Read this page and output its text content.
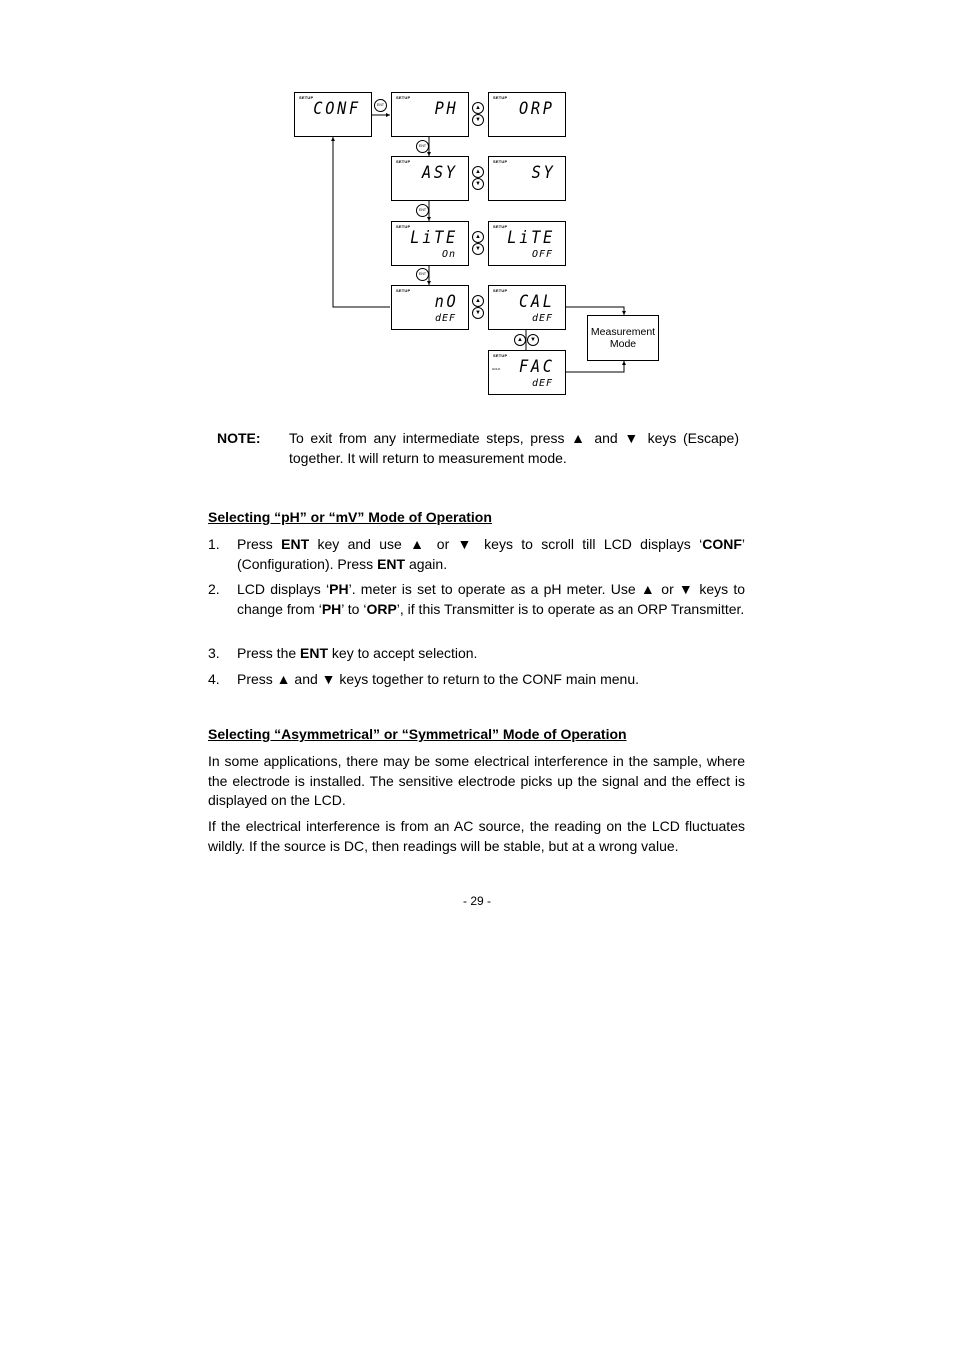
SETUP
CONF	ENT
SETUP
PH	▲
▼
SETUP
ORP
ENT
SETUP
ASY	▲
▼
SETUP
SY
ENT
SETUP
LiTE
On
▲
▼
SETUP
LiTE
OFF
ENT
SETUP
nO
dEF
▲
▼
SETUP
CAL
dEF
▲	▼
SETUP
HOLD FAC
dEF
Measurement
Mode
NOTE: To exit from any intermediate steps, press ▲ and ▼ keys (Escape) together. It will return to measurement mode.
Selecting “pH” or “mV” Mode of Operation
1. Press ENT key and use ▲ or ▼ keys to scroll till LCD displays ‘CONF’ (Configuration). Press ENT again.
2. LCD displays ‘PH’. meter is set to operate as a pH meter. Use ▲ or ▼ keys to change from ‘PH’ to ‘ORP’, if this Transmitter is to operate as an ORP Transmitter.
3. Press the ENT key to accept selection.
4. Press ▲ and ▼ keys together to return to the CONF main menu.
Selecting “Asymmetrical” or “Symmetrical” Mode of Operation
In some applications, there may be some electrical interference in the sample, where the electrode is installed. The sensitive electrode picks up the signal and the effect is displayed on the LCD.
If the electrical interference is from an AC source, the reading on the LCD fluctuates wildly. If the source is DC, then readings will be stable, but at a wrong value.
- 29 -
